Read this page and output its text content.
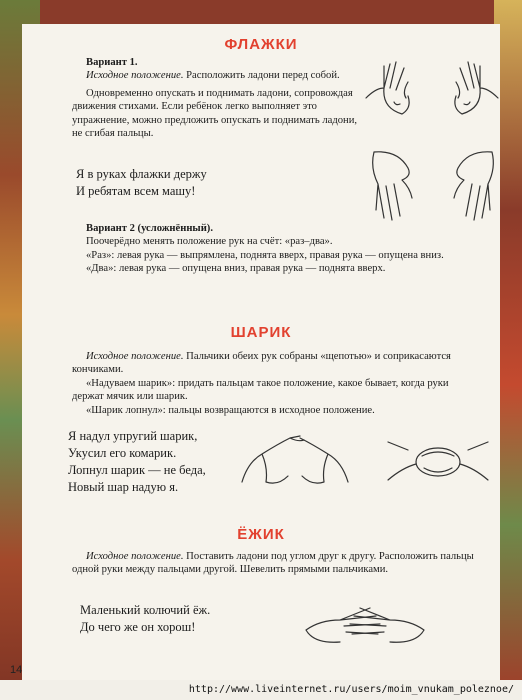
ФЛАЖКИ

Вариант 1.

Исходное положение. Расположить ладони перед собой.

Одновременно опускать и поднимать ладони, сопровождая движения стихами. Если ребёнок легко выполняет это упражнение, можно предложить опускать и поднимать ладони, не сгибая пальцы.

Я в руках флажки держу
И ребятам всем машу!

Вариант 2 (усложнённый).

Поочерёдно менять положение рук на счёт: «раз–два».

«Раз»: левая рука — выпрямлена, поднята вверх, правая рука — опущена вниз.

«Два»: левая рука — опущена вниз, правая рука — поднята вверх.

ШАРИК

Исходное положение. Пальчики обеих рук собраны «щепотью» и соприкасаются кончиками.

«Надуваем шарик»: придать пальцам такое положение, какое бывает, когда руки держат мячик или шарик.

«Шарик лопнул»: пальцы возвращаются в исходное положение.

Я надул упругий шарик,
Укусил его комарик.
Лопнул шарик — не беда,
Новый шар надую я.
ЁЖИК

Исходное положение. Поставить ладони под углом друг к другу. Расположить пальцы одной руки между пальцами другой. Шевелить прямыми пальчиками.

Маленький колючий ёж.
До чего же он хорош!
14
http://www.liveinternet.ru/users/moim_vnukam_poleznoe/
